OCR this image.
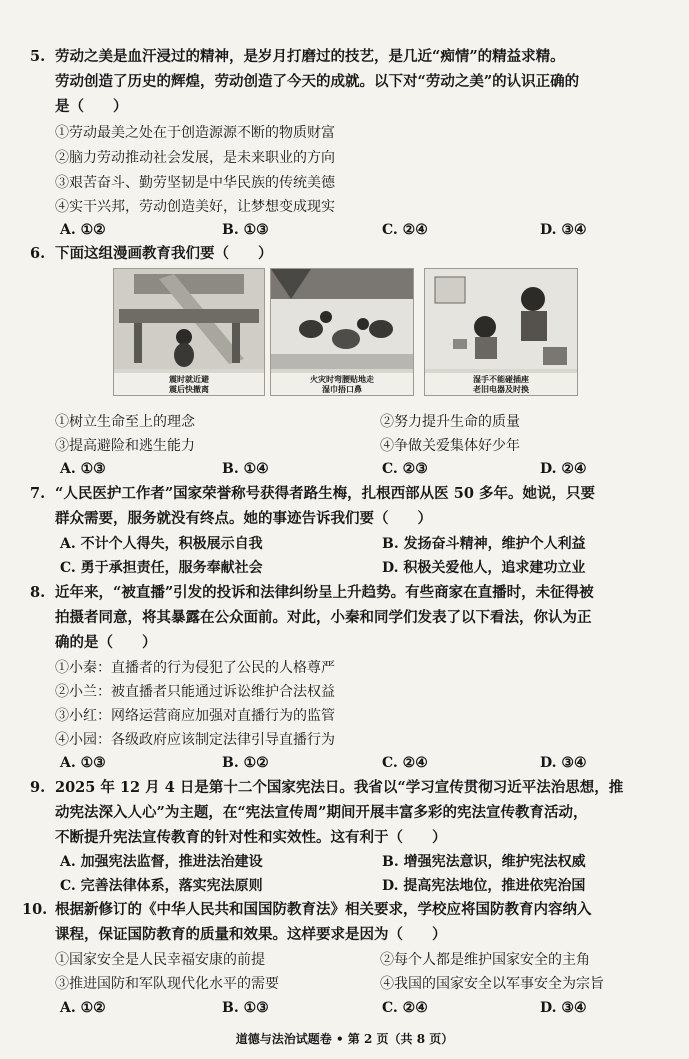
5. 劳动之美是血汗浸过的精神，是岁月打磨过的技艺，是几近“痴情”的精益求精。
劳动创造了历史的辉煌，劳动创造了今天的成就。以下对“劳动之美”的认识正确的
是（　　）
①劳动最美之处在于创造源源不断的物质财富
②脑力劳动推动社会发展，是未来职业的方向
③艰苦奋斗、勤劳坚韧是中华民族的传统美德
④实干兴邦，劳动创造美好，让梦想变成现实
A. ①②	B. ①③	C. ②④	D. ③④
6. 下面这组漫画教育我们要（　　）
震时就近避
震后快撤离
火灾时弯腰贴地走
湿巾捂口鼻
湿手不能碰插座
老旧电器及时换
①树立生命至上的理念	②努力提升生命的质量
③提高避险和逃生能力	④争做关爱集体好少年
A. ①③	B. ①④	C. ②③	D. ②④
7. “人民医护工作者”国家荣誉称号获得者路生梅，扎根西部从医 50 多年。她说，只要
群众需要，服务就没有终点。她的事迹告诉我们要（　　）
A. 不计个人得失，积极展示自我	B. 发扬奋斗精神，维护个人利益
C. 勇于承担责任，服务奉献社会	D. 积极关爱他人，追求建功立业
8. 近年来，“被直播”引发的投诉和法律纠纷呈上升趋势。有些商家在直播时，未征得被
拍摄者同意，将其暴露在公众面前。对此，小秦和同学们发表了以下看法，你认为正
确的是（　　）
①小秦：直播者的行为侵犯了公民的人格尊严
②小兰：被直播者只能通过诉讼维护合法权益
③小红：网络运营商应加强对直播行为的监管
④小园：各级政府应该制定法律引导直播行为
A. ①③	B. ①②	C. ②④	D. ③④
9. 2025 年 12 月 4 日是第十二个国家宪法日。我省以“学习宣传贯彻习近平法治思想，推
动宪法深入人心”为主题，在“宪法宣传周”期间开展丰富多彩的宪法宣传教育活动，
不断提升宪法宣传教育的针对性和实效性。这有利于（　　）
A. 加强宪法监督，推进法治建设	B. 增强宪法意识，维护宪法权威
C. 完善法律体系，落实宪法原则	D. 提高宪法地位，推进依宪治国
10. 根据新修订的《中华人民共和国国防教育法》相关要求，学校应将国防教育内容纳入
课程，保证国防教育的质量和效果。这样要求是因为（　　）
①国家安全是人民幸福安康的前提	②每个人都是维护国家安全的主角
③推进国防和军队现代化水平的需要	④我国的国家安全以军事安全为宗旨
A. ①②	B. ①③	C. ②④	D. ③④
道德与法治试题卷 • 第 2 页（共 8 页）
